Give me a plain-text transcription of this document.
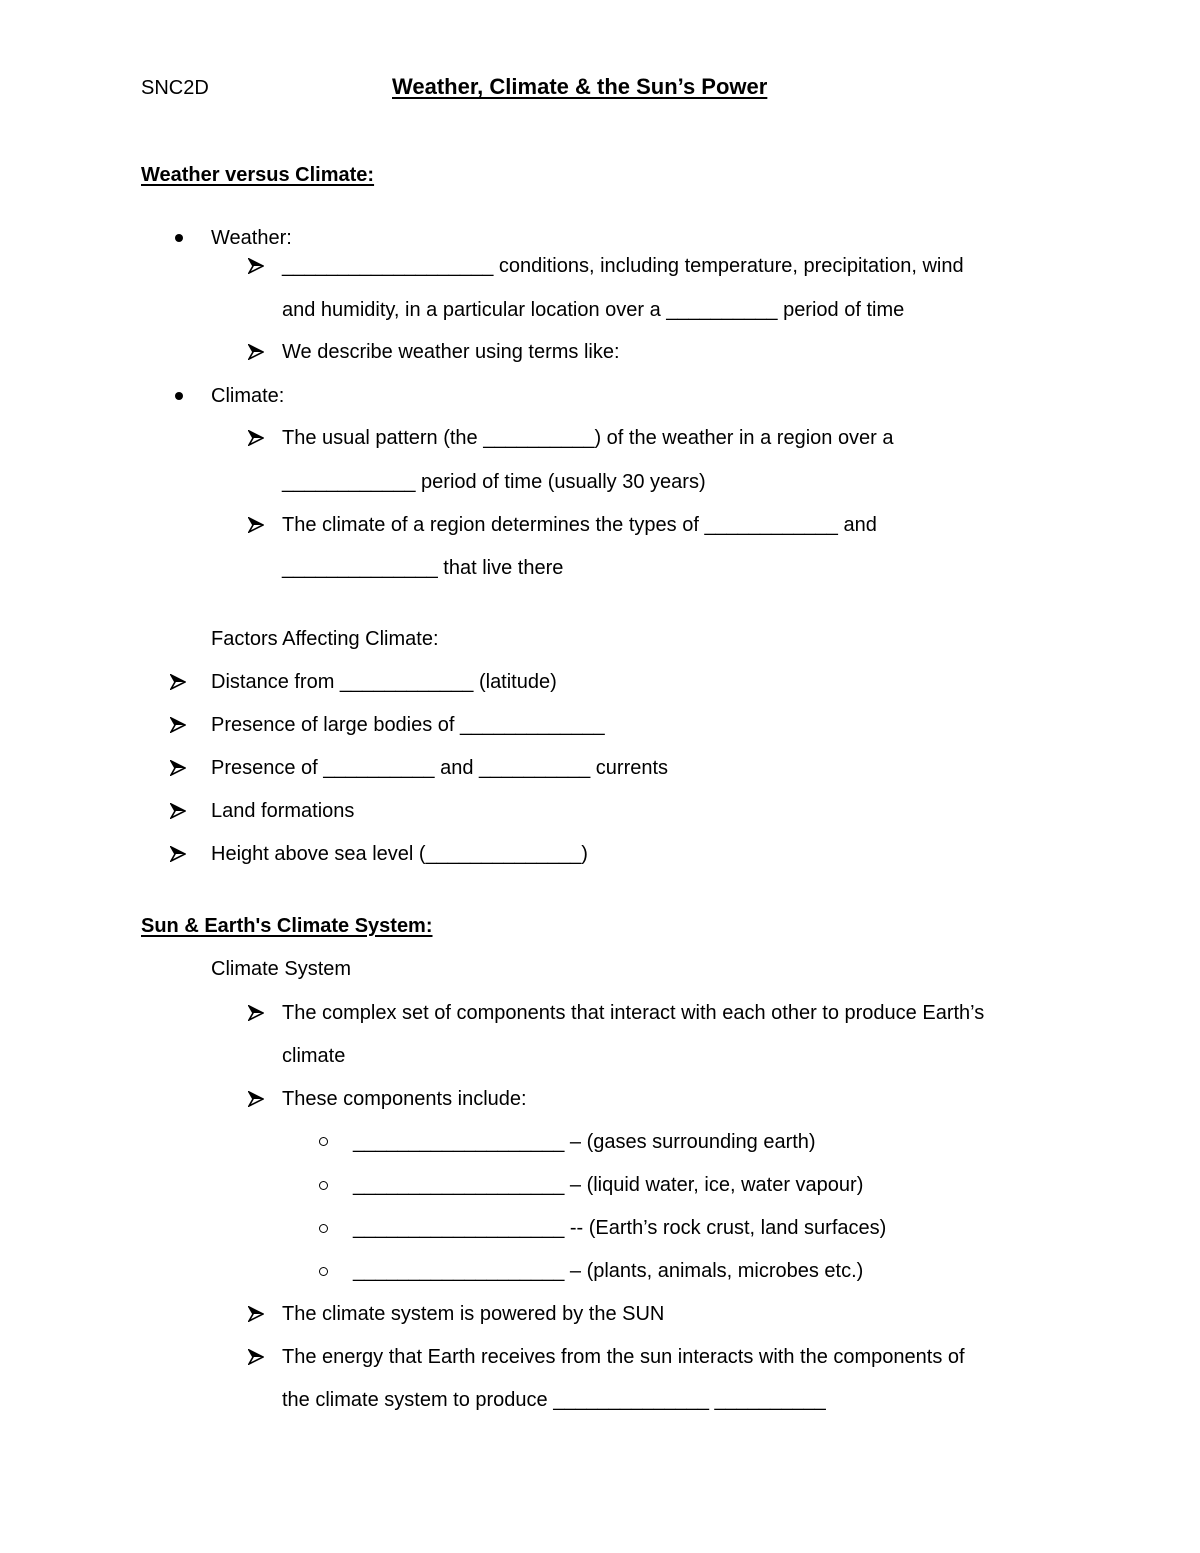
SNC2D	Weather, Climate & the Sun’s Power
Weather versus Climate:
Weather:
___________________ conditions, including temperature, precipitation, wind
and humidity, in a particular location over a __________ period of time
We describe weather using terms like:
Climate:
The usual pattern (the __________) of the weather in a region over a
____________ period of time (usually 30 years)
The climate of a region determines the types of ____________ and
______________ that live there
Factors Affecting Climate:
Distance from ____________ (latitude)
Presence of large bodies of _____________
Presence of __________ and __________ currents
Land formations
Height above sea level (______________)
Sun & Earth's Climate System:
Climate System
The complex set of components that interact with each other to produce Earth’s
climate
These components include:
___________________ – (gases surrounding earth)
___________________ – (liquid water, ice, water vapour)
___________________ -- (Earth’s rock crust, land surfaces)
___________________ – (plants, animals, microbes etc.)
The climate system is powered by the SUN
The energy that Earth receives from the sun interacts with the components of
the climate system to produce ______________ __________
